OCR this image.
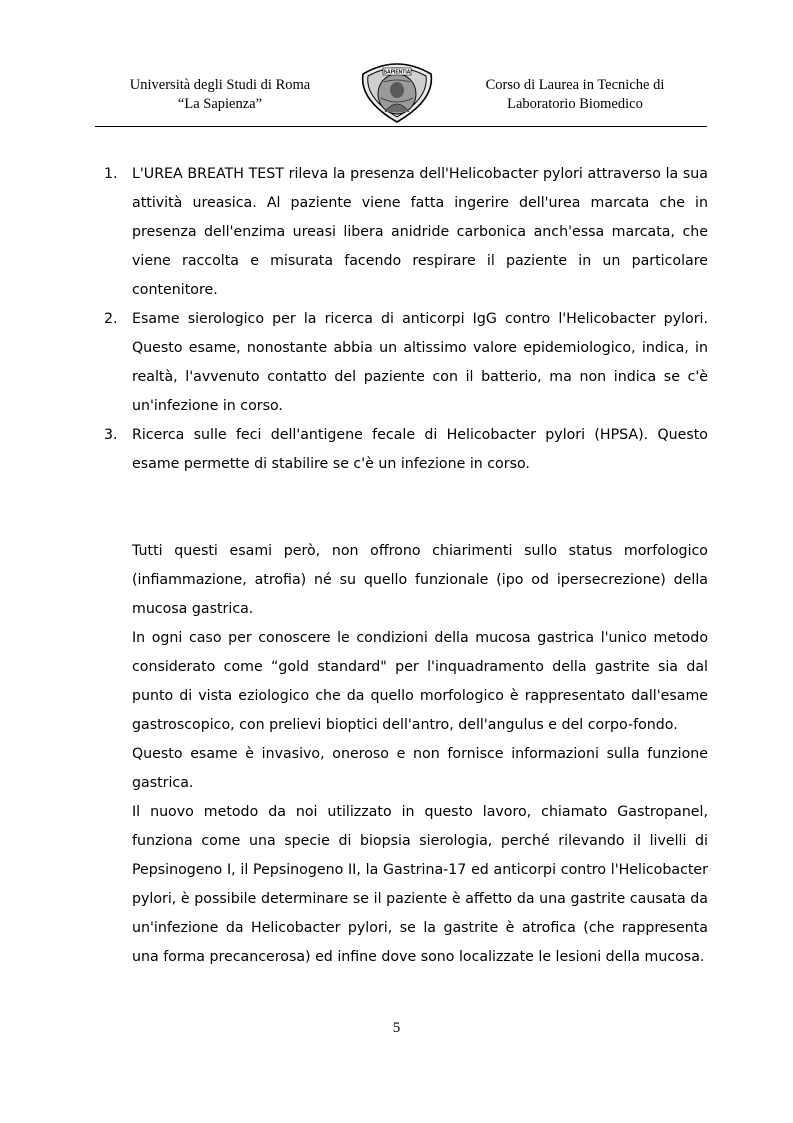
Università degli Studi di Roma
“La Sapienza”
SAPIENTIA
Corso di Laurea in Tecniche di
Laboratorio Biomedico
1. L'UREA BREATH TEST rileva la presenza dell'Helicobacter pylori attraverso la sua attività ureasica. Al paziente viene fatta ingerire dell'urea marcata che in presenza dell'enzima ureasi libera anidride carbonica anch'essa marcata, che viene raccolta e misurata facendo respirare il paziente in un particolare contenitore.
2. Esame sierologico per la ricerca di anticorpi IgG contro l'Helicobacter pylori. Questo esame, nonostante abbia un altissimo valore epidemiologico, indica, in realtà, l'avvenuto contatto del paziente con il batterio, ma non indica se c'è un'infezione in corso.
3. Ricerca sulle feci dell'antigene fecale di Helicobacter pylori (HPSA). Questo esame permette di stabilire se c'è un infezione in corso.
Tutti questi esami però, non offrono chiarimenti sullo status morfologico (infiammazione, atrofia) né su quello funzionale (ipo od ipersecrezione) della mucosa gastrica.
In ogni caso per conoscere le condizioni della mucosa gastrica l'unico metodo considerato come “gold standard" per l'inquadramento della gastrite sia dal punto di vista eziologico che da quello morfologico è rappresentato dall'esame gastroscopico, con prelievi bioptici dell'antro, dell'angulus e del corpo-fondo.
Questo esame è invasivo, oneroso e non fornisce informazioni sulla funzione gastrica.
Il nuovo metodo da noi utilizzato in questo lavoro, chiamato Gastropanel, funziona come una specie di biopsia sierologia, perché rilevando il livelli di Pepsinogeno I, il Pepsinogeno II, la Gastrina-17 ed anticorpi contro l'Helicobacter pylori, è possibile determinare se il paziente è affetto da una gastrite causata da un'infezione da Helicobacter pylori, se la gastrite è atrofica (che rappresenta una forma precancerosa) ed infine dove sono localizzate le lesioni della mucosa.
5
